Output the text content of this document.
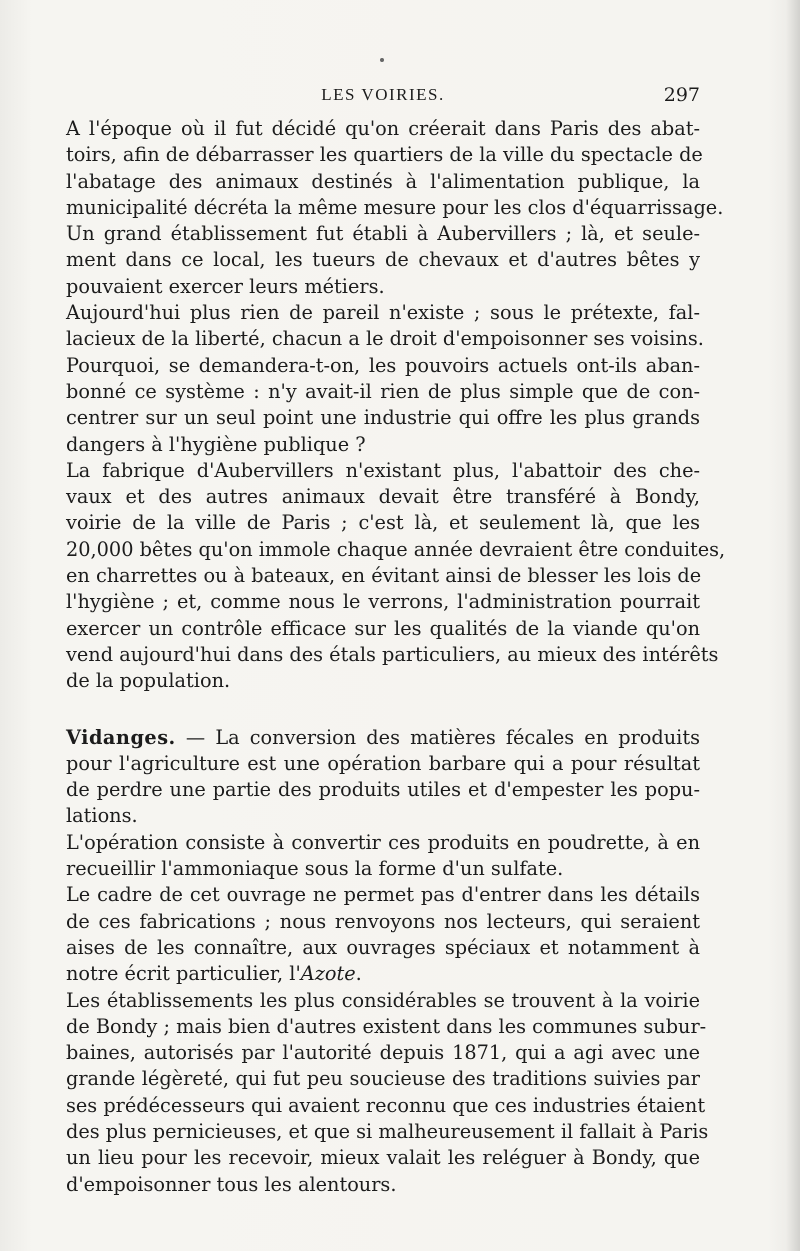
LES VOIRIES.	297
A l'époque où il fut décidé qu'on créerait dans Paris des abat-
toirs, afin de débarrasser les quartiers de la ville du spectacle de
l'abatage des animaux destinés à l'alimentation publique, la
municipalité décréta la même mesure pour les clos d'équarrissage.
Un grand établissement fut établi à Aubervillers ; là, et seule-
ment dans ce local, les tueurs de chevaux et d'autres bêtes y
pouvaient exercer leurs métiers.
Aujourd'hui plus rien de pareil n'existe ; sous le prétexte, fal-
lacieux de la liberté, chacun a le droit d'empoisonner ses voisins.
Pourquoi, se demandera-t-on, les pouvoirs actuels ont-ils aban-
bonné ce système : n'y avait-il rien de plus simple que de con-
centrer sur un seul point une industrie qui offre les plus grands
dangers à l'hygiène publique ?
La fabrique d'Aubervillers n'existant plus, l'abattoir des che-
vaux et des autres animaux devait être transféré à Bondy,
voirie de la ville de Paris ; c'est là, et seulement là, que les
20,000 bêtes qu'on immole chaque année devraient être conduites,
en charrettes ou à bateaux, en évitant ainsi de blesser les lois de
l'hygiène ; et, comme nous le verrons, l'administration pourrait
exercer un contrôle efficace sur les qualités de la viande qu'on
vend aujourd'hui dans des étals particuliers, au mieux des intérêts
de la population.
Vidanges. — La conversion des matières fécales en produits
pour l'agriculture est une opération barbare qui a pour résultat
de perdre une partie des produits utiles et d'empester les popu-
lations.
L'opération consiste à convertir ces produits en poudrette, à en
recueillir l'ammoniaque sous la forme d'un sulfate.
Le cadre de cet ouvrage ne permet pas d'entrer dans les détails
de ces fabrications ; nous renvoyons nos lecteurs, qui seraient
aises de les connaître, aux ouvrages spéciaux et notamment à
notre écrit particulier, l'Azote.
Les établissements les plus considérables se trouvent à la voirie
de Bondy ; mais bien d'autres existent dans les communes subur-
baines, autorisés par l'autorité depuis 1871, qui a agi avec une
grande légèreté, qui fut peu soucieuse des traditions suivies par
ses prédécesseurs qui avaient reconnu que ces industries étaient
des plus pernicieuses, et que si malheureusement il fallait à Paris
un lieu pour les recevoir, mieux valait les reléguer à Bondy, que
d'empoisonner tous les alentours.
